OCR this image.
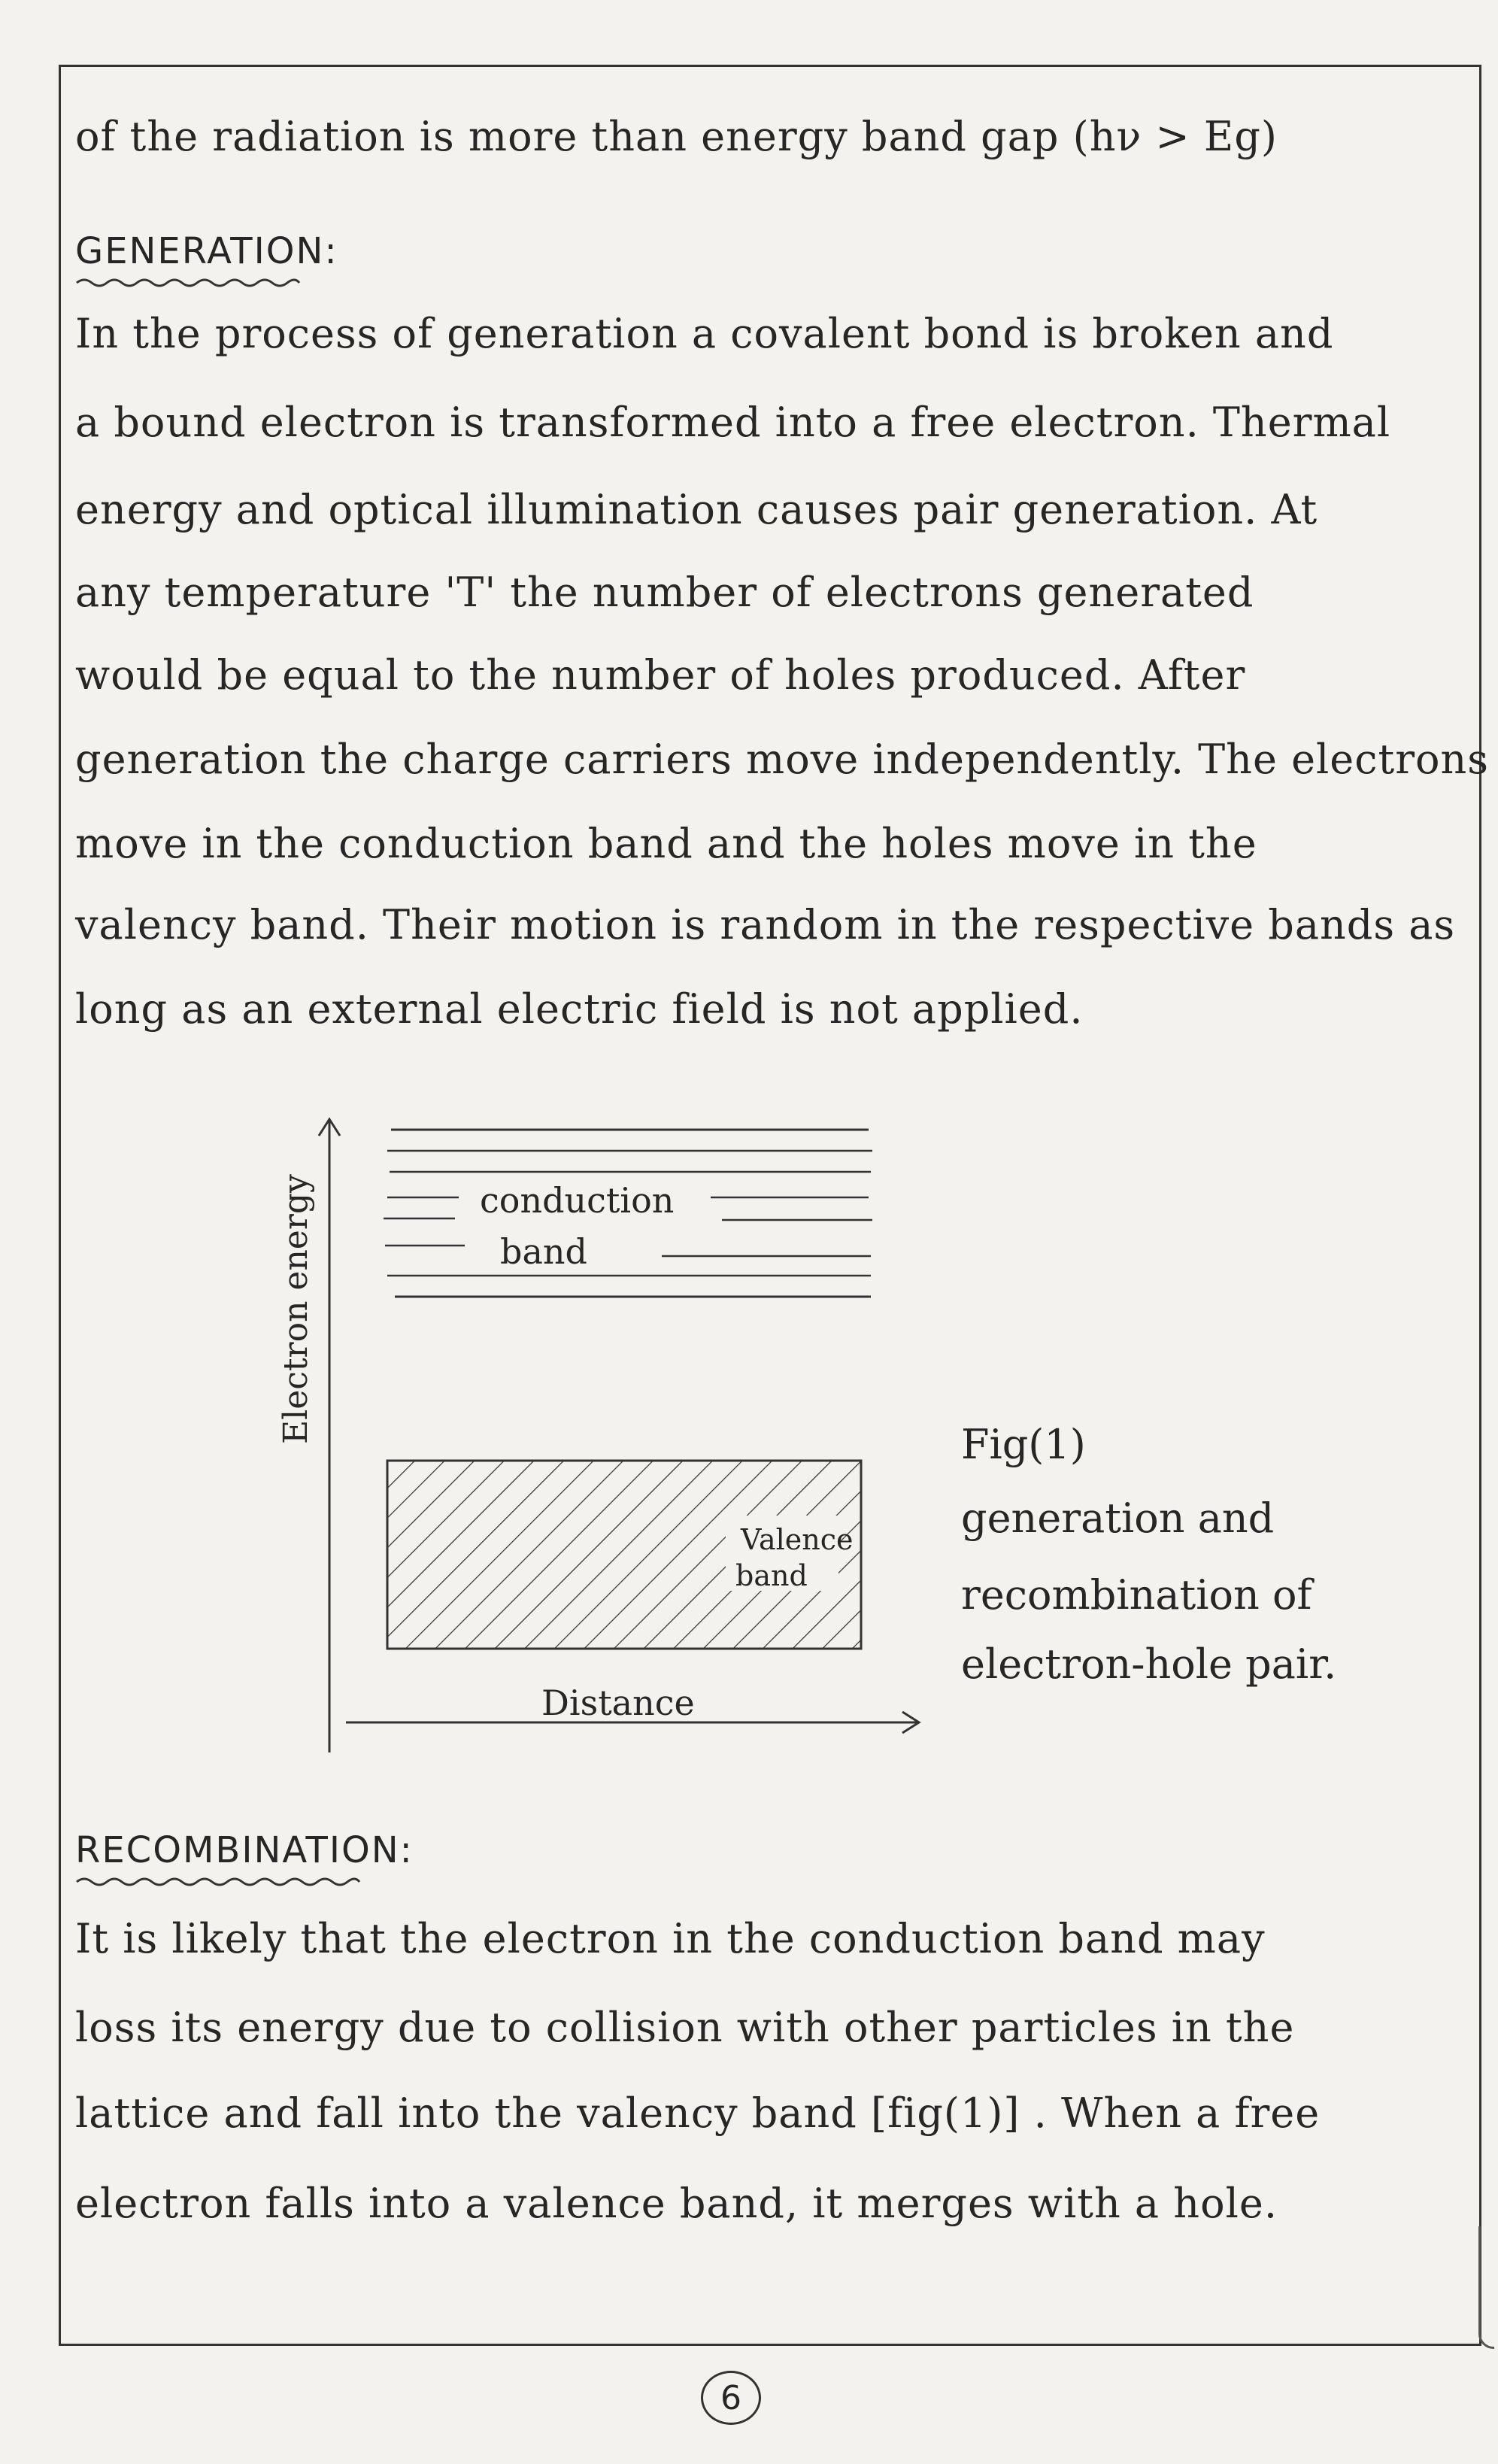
of the radiation is more than energy band gap (hν > Eg)
GENERATION:
In the process of generation a covalent bond is broken and
a bound electron is transformed into a free electron. Thermal
energy and optical illumination causes pair generation. At
any temperature 'T' the number of electrons generated
would be equal to the number of holes produced. After
generation the charge carriers move independently. The electrons
move in the conduction band and the holes move in the
valency band. Their motion is random in the respective bands as
long as an external electric field is not applied.
Electron energy
Distance
conduction
band
Valence
band
Fig(1)
generation and
recombination of
electron-hole pair.
RECOMBINATION:
It is likely that the electron in the conduction band may
loss its energy due to collision with other particles in the
lattice and fall into the valency band [fig(1)] . When a free
electron falls into a valence band, it merges with a hole.
6
